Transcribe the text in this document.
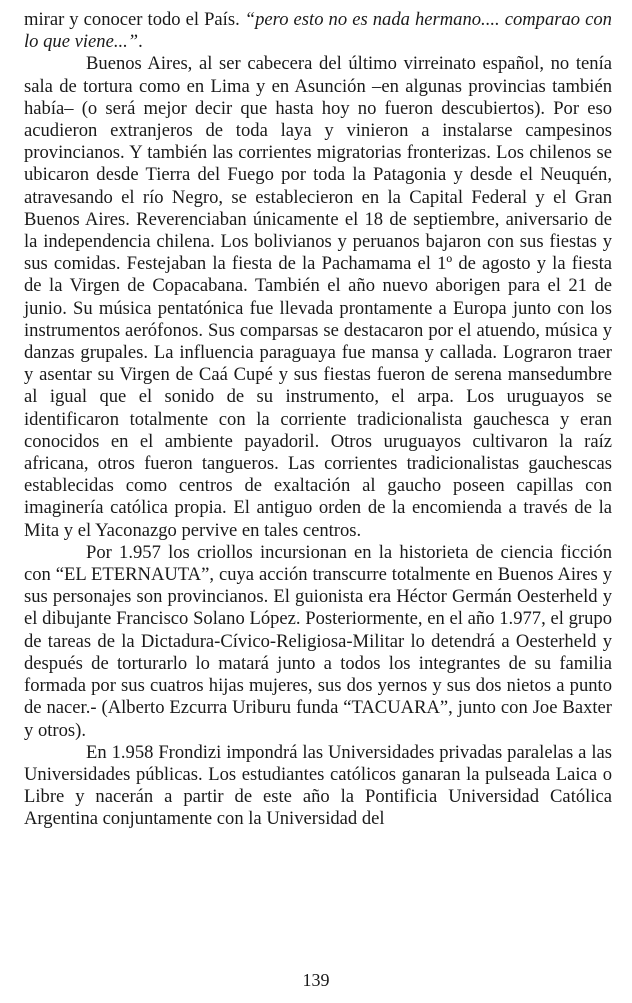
mirar y conocer todo el País. “pero esto no es nada hermano.... comparao con lo que viene...”.

Buenos Aires, al ser cabecera del último virreinato español, no tenía sala de tortura como en Lima y en Asunción –en algunas provincias también había– (o será mejor decir que hasta hoy no fueron descubiertos). Por eso acudieron extranjeros de toda laya y vinieron a instalarse campesinos provincianos. Y también las corrientes migratorias fronterizas. Los chilenos se ubicaron desde Tierra del Fuego por toda la Patagonia y desde el Neuquén, atravesando el río Negro, se establecieron en la Capital Federal y el Gran Buenos Aires. Reverenciaban únicamente el 18 de septiembre, aniversario de la independencia chilena. Los bolivianos y peruanos bajaron con sus fiestas y sus comidas. Festejaban la fiesta de la Pachamama el 1º de agosto y la fiesta de la Virgen de Copacabana. También el año nuevo aborigen para el 21 de junio. Su música pentatónica fue llevada prontamente a Europa junto con los instrumentos aerófonos. Sus comparsas se destacaron por el atuendo, música y danzas grupales. La influencia paraguaya fue mansa y callada. Lograron traer y asentar su Virgen de Caá Cupé y sus fiestas fueron de serena mansedumbre al igual que el sonido de su instrumento, el arpa. Los uruguayos se identificaron totalmente con la corriente tradicionalista gauchesca y eran conocidos en el ambiente payadoril. Otros uruguayos cultivaron la raíz africana, otros fueron tangueros. Las corrientes tradicionalistas gauchescas establecidas como centros de exaltación al gaucho poseen capillas con imaginería católica propia. El antiguo orden de la encomienda a través de la Mita y el Yaconazgo pervive en tales centros.

Por 1.957 los criollos incursionan en la historieta de ciencia ficción con “EL ETERNAUTA”, cuya acción transcurre totalmente en Buenos Aires y sus personajes son provincianos. El guionista era Héctor Germán Oesterheld y el dibujante Francisco Solano López. Posteriormente, en el año 1.977, el grupo de tareas de la Dictadura-Cívico-Religiosa-Militar lo detendrá a Oesterheld y después de torturarlo lo matará junto a todos los integrantes de su familia formada por sus cuatros hijas mujeres, sus dos yernos y sus dos nietos a punto de nacer.- (Alberto Ezcurra Uriburu funda “TACUARA”, junto con Joe Baxter y otros).

En 1.958 Frondizi impondrá las Universidades privadas paralelas a las Universidades públicas. Los estudiantes católicos ganaran la pulseada Laica o Libre y nacerán a partir de este año la Pontificia Universidad Católica Argentina conjuntamente con la Universidad del

139
